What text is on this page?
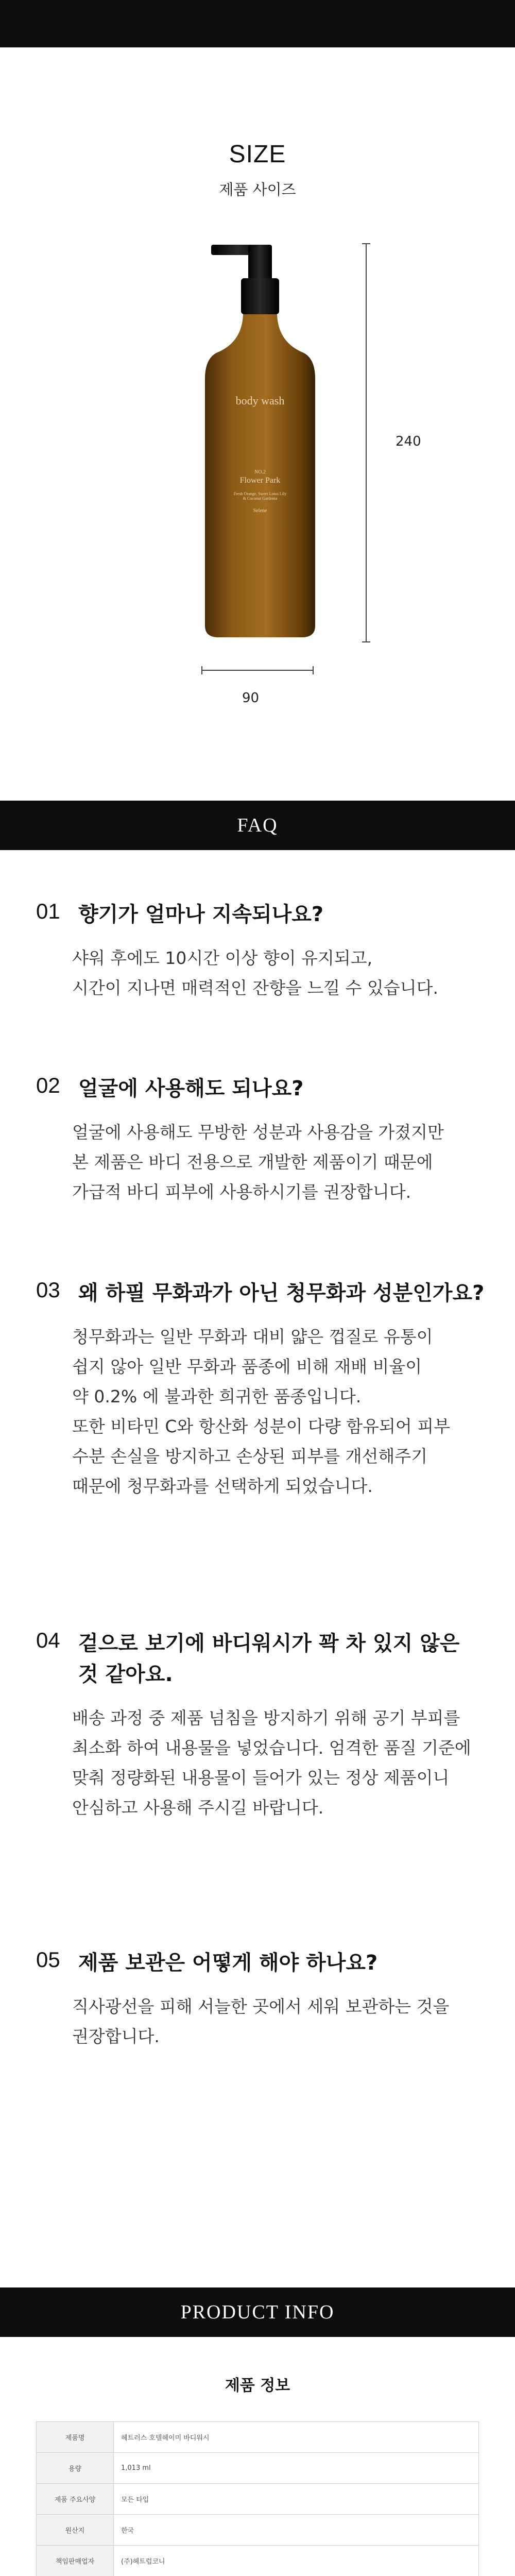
SIZE
제품 사이즈
body wash
NO.2
Flower Park
Fresh Orange, Sweet Lotus Lily
& Coconut Gardenia
Selene
240
90
FAQ
01 향기가 얼마나 지속되나요?
샤워 후에도 10시간 이상 향이 유지되고,
시간이 지나면 매력적인 잔향을 느낄 수 있습니다.
02 얼굴에 사용해도 되나요?
얼굴에 사용해도 무방한 성분과 사용감을 가졌지만
본 제품은 바디 전용으로 개발한 제품이기 때문에
가급적 바디 피부에 사용하시기를 권장합니다.
03 왜 하필 무화과가 아닌 청무화과 성분인가요?
청무화과는 일반 무화과 대비 얇은 껍질로 유통이
쉽지 않아 일반 무화과 품종에 비해 재배 비율이
약 0.2% 에 불과한 희귀한 품종입니다.
또한 비타민 C와 항산화 성분이 다량 함유되어 피부
수분 손실을 방지하고 손상된 피부를 개선해주기
때문에 청무화과를 선택하게 되었습니다.
04 겉으로 보기에 바디워시가 꽉 차 있지 않은 것 같아요.
배송 과정 중 제품 넘침을 방지하기 위해 공기 부피를
최소화 하여 내용물을 넣었습니다. 엄격한 품질 기준에
맞춰 정량화된 내용물이 들어가 있는 정상 제품이니
안심하고 사용해 주시길 바랍니다.
05 제품 보관은 어떻게 해야 하나요?
직사광선을 피해 서늘한 곳에서 세워 보관하는 것을
권장합니다.
PRODUCT INFO
제품 정보
제품명	헤트러스 호텔헤이미 바디워시
용량	1,013 ml
제품 주요사양	모든 타입
원산지	한국
책임판매업자	(주)헤트럽코니
